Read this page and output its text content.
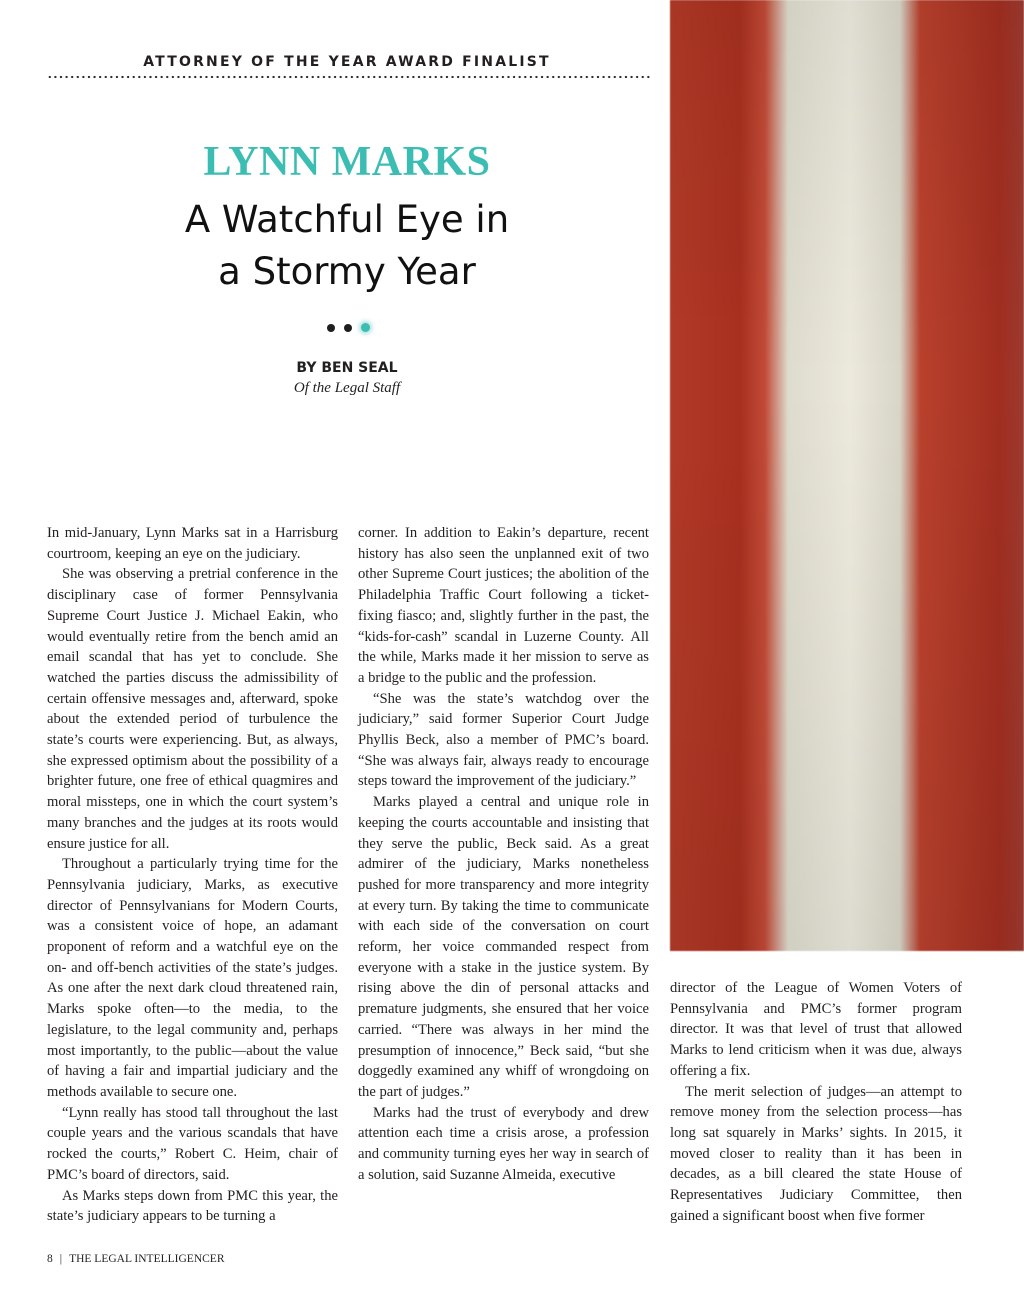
ATTORNEY OF THE YEAR AWARD FINALIST
LYNN MARKS
A Watchful Eye in
a Stormy Year
BY BEN SEAL
Of the Legal Staff

In mid-January, Lynn Marks sat in a Harrisburg courtroom, keeping an eye on the judiciary.

She was observing a pretrial conference in the disciplinary case of former Pennsylvania Supreme Court Justice J. Michael Eakin, who would eventually retire from the bench amid an email scandal that has yet to conclude. She watched the parties discuss the admissibility of certain offensive messages and, afterward, spoke about the extended period of turbulence the state’s courts were experiencing. But, as always, she expressed optimism about the possibility of a brighter future, one free of ethical quagmires and moral missteps, one in which the court system’s many branches and the judges at its roots would ensure justice for all.

Throughout a particularly trying time for the Pennsylvania judiciary, Marks, as executive director of Pennsylvanians for Modern Courts, was a consistent voice of hope, an adamant proponent of reform and a watchful eye on the on- and off-bench activities of the state’s judges. As one after the next dark cloud threatened rain, Marks spoke often—to the media, to the legislature, to the legal community and, perhaps most importantly, to the public—about the value of having a fair and impartial judiciary and the methods available to secure one.

“Lynn really has stood tall throughout the last couple years and the various scandals that have rocked the courts,” Robert C. Heim, chair of PMC’s board of directors, said.

As Marks steps down from PMC this year, the state’s judiciary appears to be turning a

corner. In addition to Eakin’s departure, recent history has also seen the unplanned exit of two other Supreme Court justices; the abolition of the Philadelphia Traffic Court following a ticket-fixing fiasco; and, slightly further in the past, the “kids-for-cash” scandal in Luzerne County. All the while, Marks made it her mission to serve as a bridge to the public and the profession.

“She was the state’s watchdog over the judiciary,” said former Superior Court Judge Phyllis Beck, also a member of PMC’s board. “She was always fair, always ready to encourage steps toward the improvement of the judiciary.”

Marks played a central and unique role in keeping the courts accountable and insisting that they serve the public, Beck said. As a great admirer of the judiciary, Marks nonetheless pushed for more transparency and more integrity at every turn. By taking the time to communicate with each side of the conversation on court reform, her voice commanded respect from everyone with a stake in the justice system. By rising above the din of personal attacks and premature judgments, she ensured that her voice carried. “There was always in her mind the presumption of innocence,” Beck said, “but she doggedly examined any whiff of wrongdoing on the part of judges.”

Marks had the trust of everybody and drew attention each time a crisis arose, a profession and community turning eyes her way in search of a solution, said Suzanne Almeida, executive

director of the League of Women Voters of Pennsylvania and PMC’s former program director. It was that level of trust that allowed Marks to lend criticism when it was due, always offering a fix.

The merit selection of judges—an attempt to remove money from the selection process—has long sat squarely in Marks’ sights. In 2015, it moved closer to reality than it has been in decades, as a bill cleared the state House of Representatives Judiciary Committee, then gained a significant boost when five former

8 | THE LEGAL INTELLIGENCER
